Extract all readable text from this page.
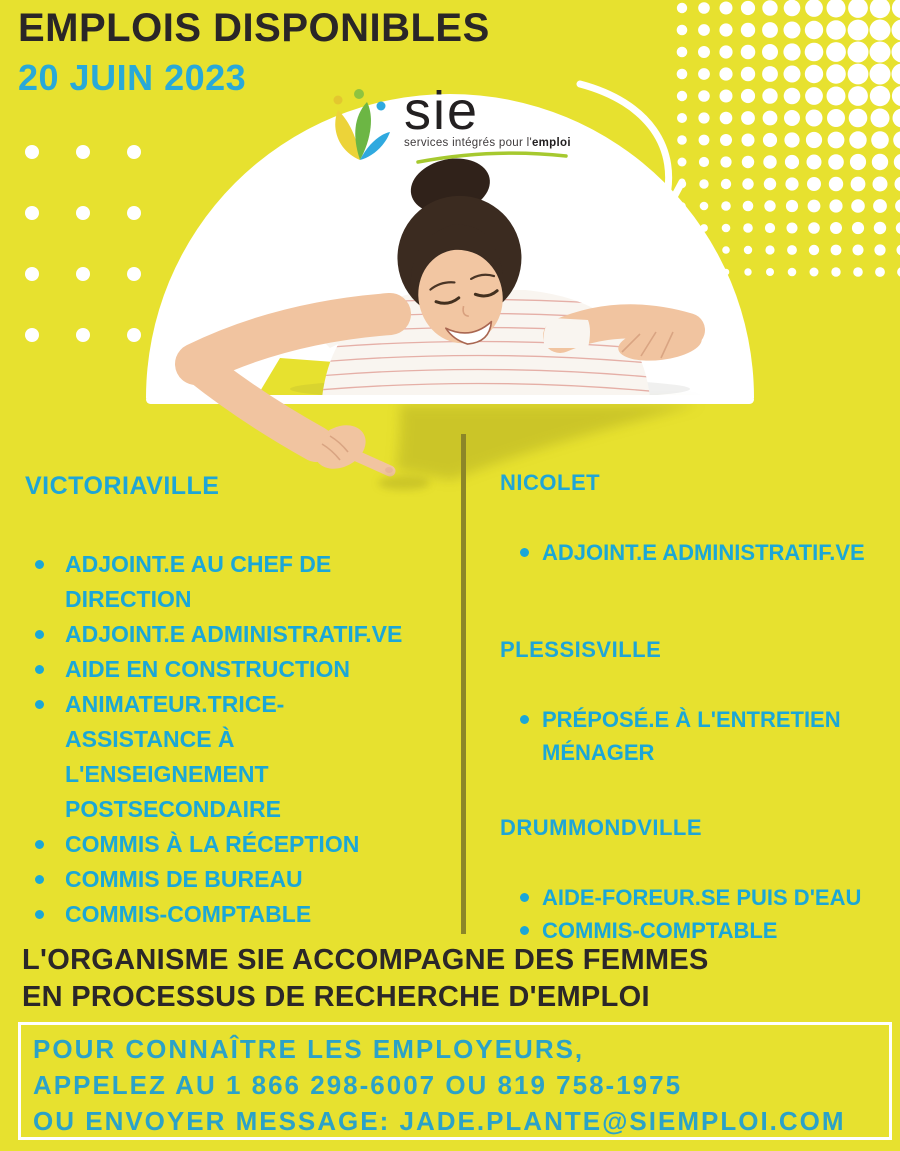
EMPLOIS DISPONIBLES
20 JUIN 2023
sie
services intégrés pour l'emploi
VICTORIAVILLE
ADJOINT.E AU CHEF DE DIRECTION
ADJOINT.E ADMINISTRATIF.VE
AIDE EN CONSTRUCTION
ANIMATEUR.TRICE- ASSISTANCE À L'ENSEIGNEMENT POSTSECONDAIRE
COMMIS À LA RÉCEPTION
COMMIS DE BUREAU
COMMIS-COMPTABLE
NICOLET
ADJOINT.E ADMINISTRATIF.VE
PLESSISVILLE
PRÉPOSÉ.E À L'ENTRETIEN MÉNAGER
DRUMMONDVILLE
AIDE-FOREUR.SE PUIS D'EAU
COMMIS-COMPTABLE
L'ORGANISME SIE ACCOMPAGNE DES FEMMES
EN PROCESSUS DE RECHERCHE D'EMPLOI
POUR CONNAÎTRE LES EMPLOYEURS,
APPELEZ AU 1 866 298-6007 OU 819 758-1975
OU ENVOYER MESSAGE: JADE.PLANTE@SIEMPLOI.COM
